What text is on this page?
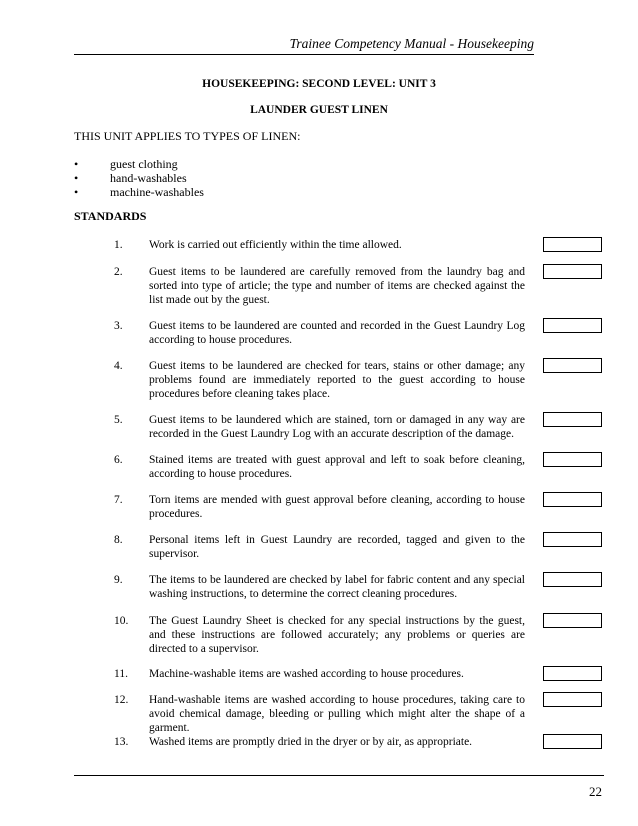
Trainee Competency Manual - Housekeeping
HOUSEKEEPING: SECOND LEVEL: UNIT 3
LAUNDER GUEST LINEN
THIS UNIT APPLIES TO TYPES OF LINEN:
•	guest clothing
•	hand-washables
•	machine-washables
STANDARDS
1. Work is carried out efficiently within the time allowed.
2. Guest items to be laundered are carefully removed from the laundry bag and sorted into type of article; the type and number of items are checked against the list made out by the guest.
3. Guest items to be laundered are counted and recorded in the Guest Laundry Log according to house procedures.
4. Guest items to be laundered are checked for tears, stains or other damage; any problems found are immediately reported to the guest according to house procedures before cleaning takes place.
5. Guest items to be laundered which are stained, torn or damaged in any way are recorded in the Guest Laundry Log with an accurate description of the damage.
6. Stained items are treated with guest approval and left to soak before cleaning, according to house procedures.
7. Torn items are mended with guest approval before cleaning, according to house procedures.
8. Personal items left in Guest Laundry are recorded, tagged and given to the supervisor.
9. The items to be laundered are checked by label for fabric content and any special washing instructions, to determine the correct cleaning procedures.
10. The Guest Laundry Sheet is checked for any special instructions by the guest, and these instructions are followed accurately; any problems or queries are directed to a supervisor.
11. Machine-washable items are washed according to house procedures.
12. Hand-washable items are washed according to house procedures, taking care to avoid chemical damage, bleeding or pulling which might alter the shape of a garment.
13. Washed items are promptly dried in the dryer or by air, as appropriate.
22
